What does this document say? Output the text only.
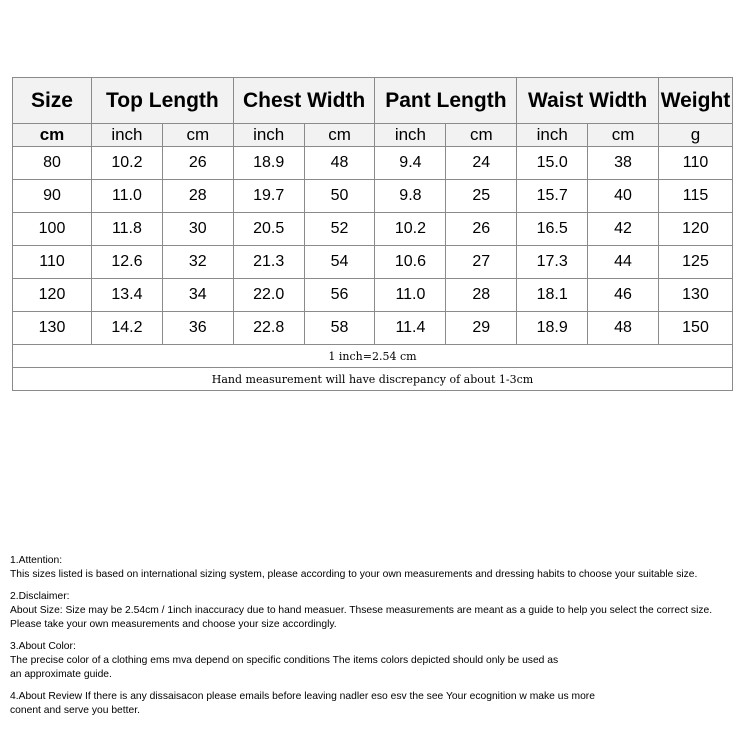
Size	Top Length		Chest Width		Pant Length		Waist Width		Weight
cm	inch	cm	inch	cm	inch	cm	inch	cm	g
80	10.2	26	18.9	48	9.4	24	15.0	38	110
90	11.0	28	19.7	50	9.8	25	15.7	40	115
100	11.8	30	20.5	52	10.2	26	16.5	42	120
110	12.6	32	21.3	54	10.6	27	17.3	44	125
120	13.4	34	22.0	56	11.0	28	18.1	46	130
130	14.2	36	22.8	58	11.4	29	18.9	48	150
1 inch=2.54 cm									
Hand measurement will have discrepancy of about 1-3cm									
1.Attention:
This sizes listed is based on international sizing system, please according to your own measurements and dressing habits to choose your suitable size.
2.Disclaimer:
About Size: Size may be 2.54cm / 1inch inaccuracy due to hand measuer. Thsese measurements are meant as a guide to help you select the correct size.
Please take your own measurements and choose your size accordingly.
3.About Color:
The precise color of a clothing ems mva depend on specific conditions The items colors depicted should only be used as
an approximate guide.
4.About Review If there is any dissaisacon please emails before leaving nadler eso esv the see Your ecognition w make us more
conent and serve you better.
